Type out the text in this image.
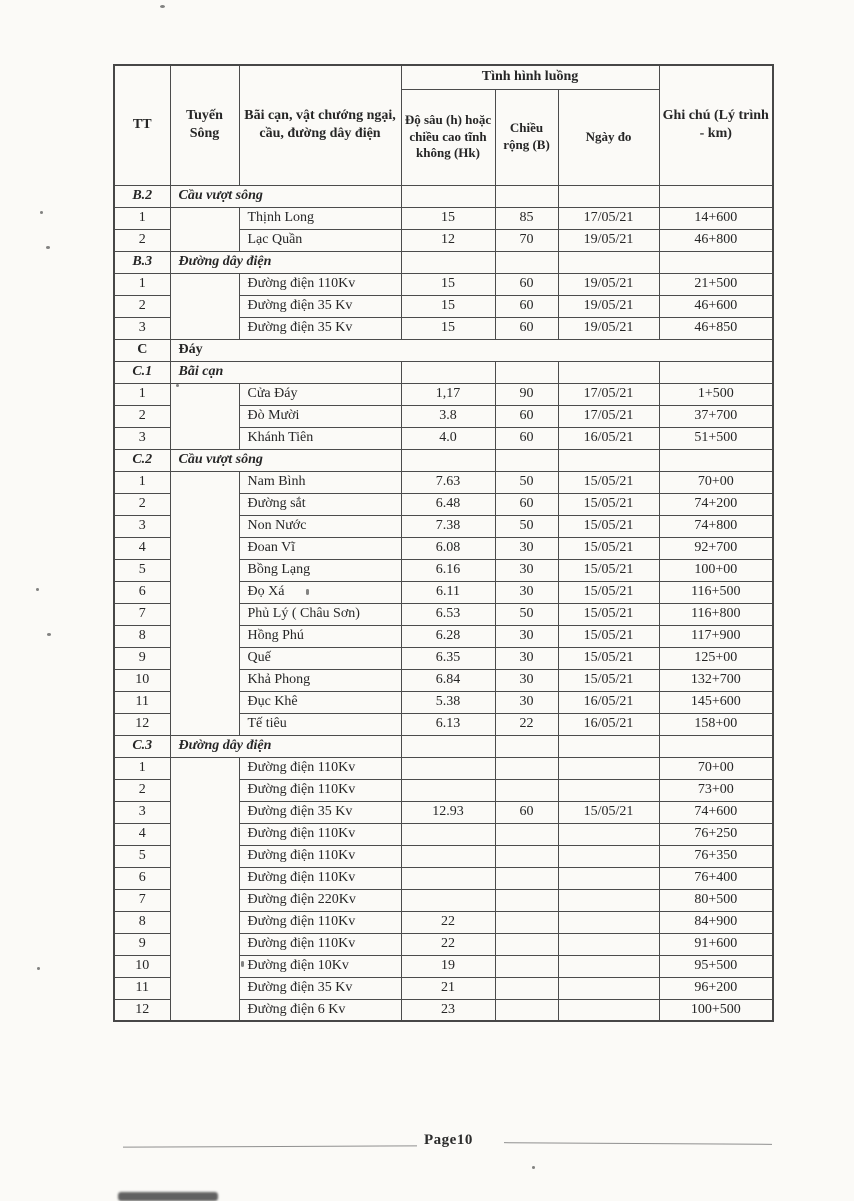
TT	Tuyến Sông	Bãi cạn, vật chướng ngại, cầu, đường dây điện	Tình hình luồng			Ghi chú (Lý trình - km)
			Độ sâu (h) hoặc chiều cao tĩnh không (Hk)	Chiều rộng (B)	Ngày đo	
B.2	Cầu vượt sông					
1		Thịnh Long	15	85	17/05/21	14+600
2		Lạc Quần	12	70	19/05/21	46+800
B.3	Đường dây điện					
1		Đường điện 110Kv	15	60	19/05/21	21+500
2		Đường điện 35 Kv	15	60	19/05/21	46+600
3		Đường điện 35 Kv	15	60	19/05/21	46+850
C	Đáy					
C.1	Bãi cạn					
1		Cửa Đáy	1,17	90	17/05/21	1+500
2		Đò Mười	3.8	60	17/05/21	37+700
3		Khánh Tiên	4.0	60	16/05/21	51+500
C.2	Cầu vượt sông					
1		Nam Bình	7.63	50	15/05/21	70+00
2		Đường sắt	6.48	60	15/05/21	74+200
3		Non Nước	7.38	50	15/05/21	74+800
4		Đoan Vĩ	6.08	30	15/05/21	92+700
5		Bồng Lạng	6.16	30	15/05/21	100+00
6		Đọ Xá	6.11	30	15/05/21	116+500
7		Phủ Lý ( Châu Sơn)	6.53	50	15/05/21	116+800
8		Hồng Phú	6.28	30	15/05/21	117+900
9		Quế	6.35	30	15/05/21	125+00
10		Khả Phong	6.84	30	15/05/21	132+700
11		Đục Khê	5.38	30	16/05/21	145+600
12		Tế tiêu	6.13	22	16/05/21	158+00
C.3	Đường dây điện					
1		Đường điện 110Kv				70+00
2		Đường điện 110Kv				73+00
3		Đường điện 35 Kv	12.93	60	15/05/21	74+600
4		Đường điện 110Kv				76+250
5		Đường điện 110Kv				76+350
6		Đường điện 110Kv				76+400
7		Đường điện 220Kv				80+500
8		Đường điện 110Kv	22			84+900
9		Đường điện 110Kv	22			91+600
10		Đường điện 10Kv	19			95+500
11		Đường điện 35 Kv	21			96+200
12		Đường điện 6 Kv	23			100+500
Page10
